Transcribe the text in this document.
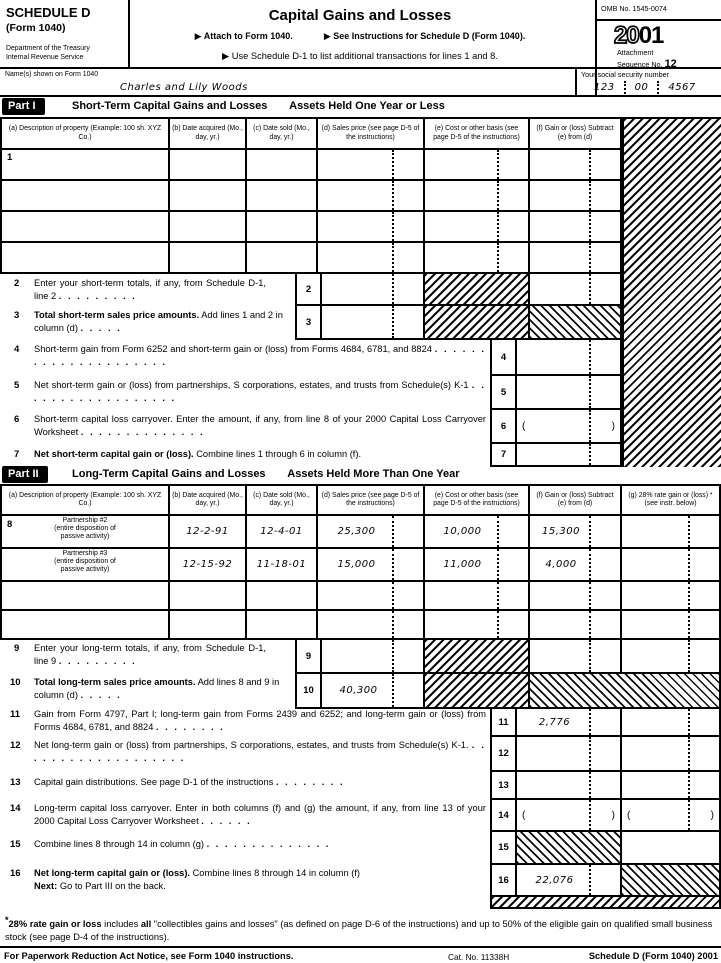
SCHEDULE D
(Form 1040)
Department of the Treasury
Internal Revenue Service
Capital Gains and Losses
▶ Attach to Form 1040.	▶ See Instructions for Schedule D (Form 1040).
▶ Use Schedule D-1 to list additional transactions for lines 1 and 8.
OMB No. 1545-0074
2001
Attachment
Sequence No. 12
Name(s) shown on Form 1040
Charles and Lily Woods
Your social security number
123 00 4567
Part I	Short-Term Capital Gains and Losses Assets Held One Year or Less
(a) Description of property (Example: 100 sh. XYZ Co.)
(b) Date acquired (Mo., day, yr.)
(c) Date sold (Mo., day, yr.)
(d) Sales price (see page D-5 of the instructions)
(e) Cost or other basis (see page D-5 of the instructions)
(f) Gain or (loss) Subtract (e) from (d)
1
2 Enter your short-term totals, if any, from Schedule D-1, line 2 . . . . . . . . .
2
3 Total short-term sales price amounts. Add lines 1 and 2 in column (d) . . . . .
3
4 Short-term gain from Form 6252 and short-term gain or (loss) from Forms 4684, 6781, and 8824 . . . . . . . . . . . . . . . . . . . . .	4
5 Net short-term gain or (loss) from partnerships, S corporations, estates, and trusts from Schedule(s) K-1 . . . . . . . . . . . . . . . . . .
5
6 Short-term capital loss carryover. Enter the amount, if any, from line 8 of your 2000 Capital Loss Carryover Worksheet . . . . . . . . . . . . . .
6	(	)
7 Net short-term capital gain or (loss). Combine lines 1 through 6 in column (f).	7
Part II	Long-Term Capital Gains and Losses Assets Held More Than One Year
(a) Description of property (Example: 100 sh. XYZ Co.)
(b) Date acquired (Mo., day, yr.)
(c) Date sold (Mo., day, yr.)
(d) Sales price (see page D-5 of the instructions)
(e) Cost or other basis (see page D-5 of the instructions)
(f) Gain or (loss) Subtract (e) from (d)
(g) 28% rate gain or (loss) * (see instr. below)
8	Partnership #2
(entire disposition of
passive activity)	12-2-91	12-4-01	25,300	10,000	15,300
Partnership #3
(entire disposition of
passive activity)	12-15-92	11-18-01	15,000	11,000	4,000
9 Enter your long-term totals, if any, from Schedule D-1, line 9 . . . . . . . . .	9
10 Total long-term sales price amounts. Add lines 8 and 9 in column (d) . . . . .	10	40,300
11 Gain from Form 4797, Part I; long-term gain from Forms 2439 and 6252; and long-term gain or (loss) from Forms 4684, 6781, and 8824 . . . . . . . .	11	2,776
12 Net long-term gain or (loss) from partnerships, S corporations, estates, and trusts from Schedule(s) K-1. . . . . . . . . . . . . . . . . . . .	12
13 Capital gain distributions. See page D-1 of the instructions . . . . . . . .	13
14 Long-term capital loss carryover. Enter in both columns (f) and (g) the amount, if any, from line 13 of your 2000 Capital Loss Carryover Worksheet . . . . . .
14	(	) (	)
15 Combine lines 8 through 14 in column (g) . . . . . . . . . . . . . .	15
16 Net long-term capital gain or (loss). Combine lines 8 through 14 in column (f)
Next: Go to Part III on the back.
16	22,076
*28% rate gain or loss includes all "collectibles gains and losses" (as defined on page D-6 of the instructions) and up to 50% of the eligible gain on qualified small business stock (see page D-4 of the instructions).
For Paperwork Reduction Act Notice, see Form 1040 instructions.	Cat. No. 11338H	Schedule D (Form 1040) 2001
